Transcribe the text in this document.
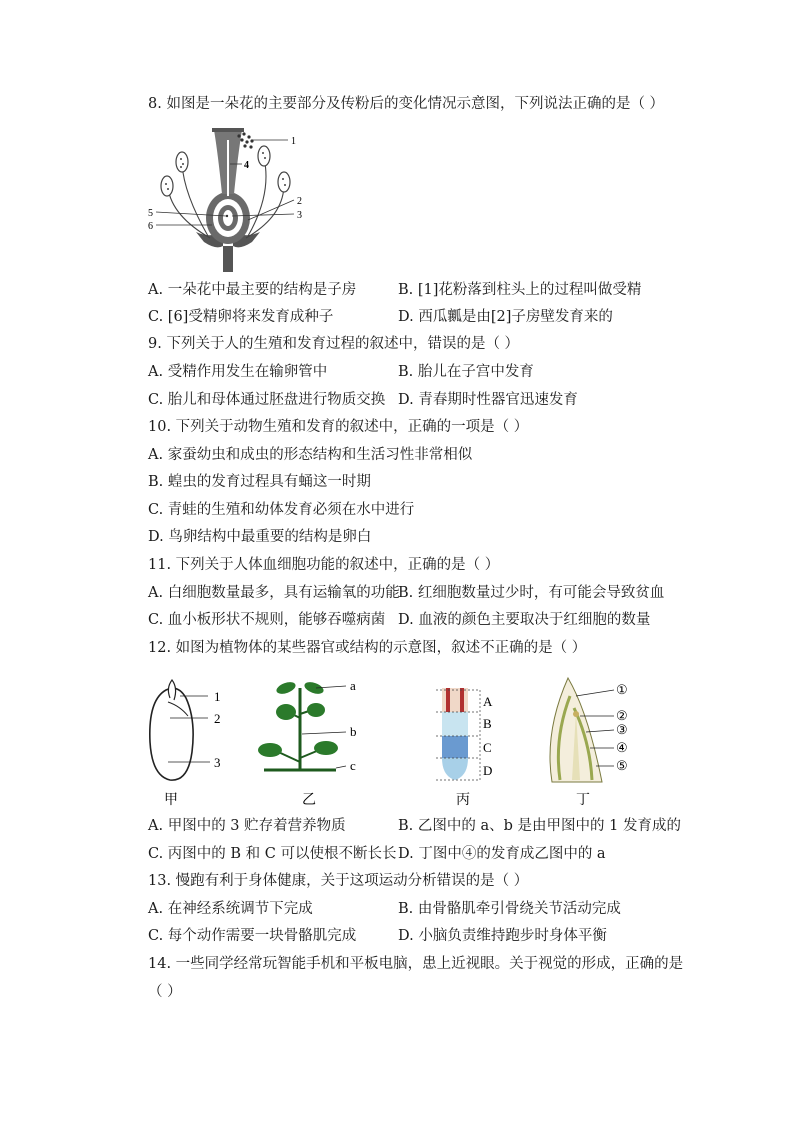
8. 如图是一朵花的主要部分及传粉后的变化情况示意图，下列说法正确的是（ ）
1
4
2
3
5
6
A. 一朵花中最主要的结构是子房	B. [1]花粉落到柱头上的过程叫做受精
C. [6]受精卵将来发育成种子	D. 西瓜瓤是由[2]子房壁发育来的
9. 下列关于人的生殖和发育过程的叙述中，错误的是（ ）
A. 受精作用发生在输卵管中	B. 胎儿在子宫中发育
C. 胎儿和母体通过胚盘进行物质交换 D. 青春期时性器官迅速发育
10. 下列关于动物生殖和发育的叙述中，正确的一项是（ ）
A. 家蚕幼虫和成虫的形态结构和生活习性非常相似
B. 蝗虫的发育过程具有蛹这一时期
C. 青蛙的生殖和幼体发育必须在水中进行
D. 鸟卵结构中最重要的结构是卵白
11. 下列关于人体血细胞功能的叙述中，正确的是（ ）
A. 白细胞数量最多，具有运输氧的功能
B. 红细胞数量过少时，有可能会导致贫血
C. 血小板形状不规则，能够吞噬病菌 D. 血液的颜色主要取决于红细胞的数量
12. 如图为植物体的某些器官或结构的示意图，叙述不正确的是（ ）
1
2
3
a
b
c
A
B
C
D
①
②
③
④
⑤
甲	乙	丙	丁
A. 甲图中的 3 贮存着营养物质	B. 乙图中的 a、b 是由甲图中的 1 发育成的
C. 丙图中的 B 和 C 可以使根不断长长 D. 丁图中④的发育成乙图中的 a
13. 慢跑有利于身体健康，关于这项运动分析错误的是（ ）
A. 在神经系统调节下完成	B. 由骨骼肌牵引骨绕关节活动完成
C. 每个动作需要一块骨骼肌完成	D. 小脑负责维持跑步时身体平衡
14. 一些同学经常玩智能手机和平板电脑，患上近视眼。关于视觉的形成，正确的是
（ ）
